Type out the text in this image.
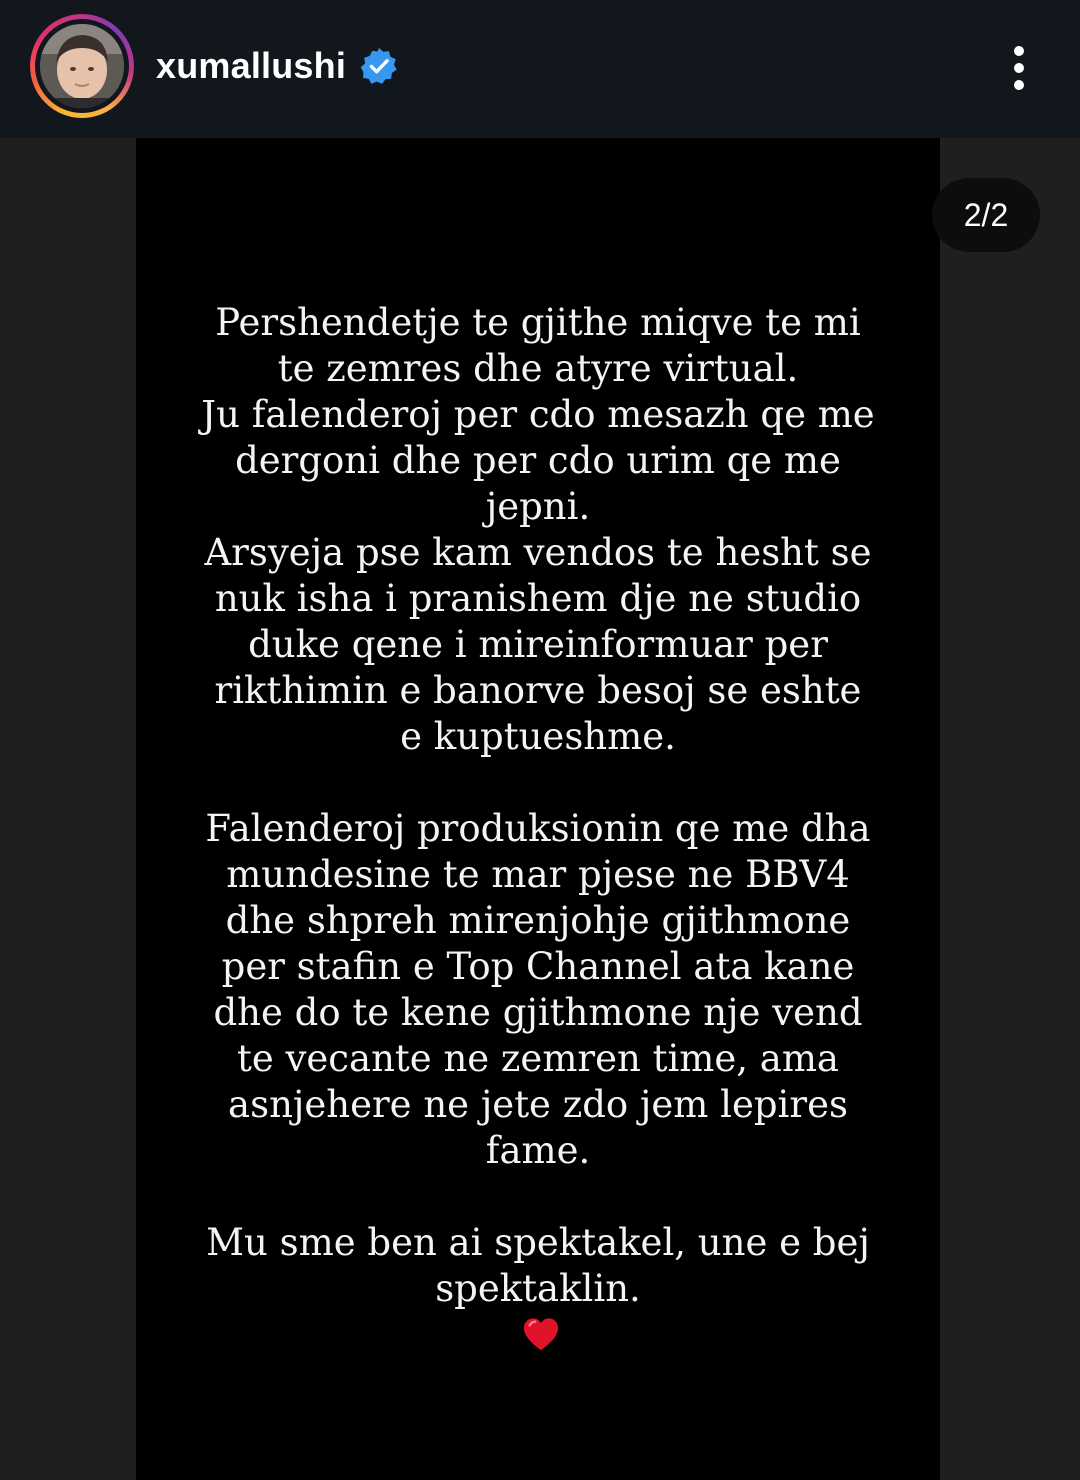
xumallushi
2/2
Pershendetje te gjithe miqve te mi
te zemres dhe atyre virtual.
Ju falenderoj per cdo mesazh qe me
dergoni dhe per cdo urim qe me
jepni.
Arsyeja pse kam vendos te hesht se
nuk isha i pranishem dje ne studio
duke qene i mireinformuar per
rikthimin e banorve besoj se eshte
e kuptueshme.
Falenderoj produksionin qe me dha
mundesine te mar pjese ne BBV4
dhe shpreh mirenjohje gjithmone
per stafin e Top Channel ata kane
dhe do te kene gjithmone nje vend
te vecante ne zemren time, ama
asnjehere ne jete zdo jem lepires
fame.
Mu sme ben ai spektakel, une e bej
spektaklin.
